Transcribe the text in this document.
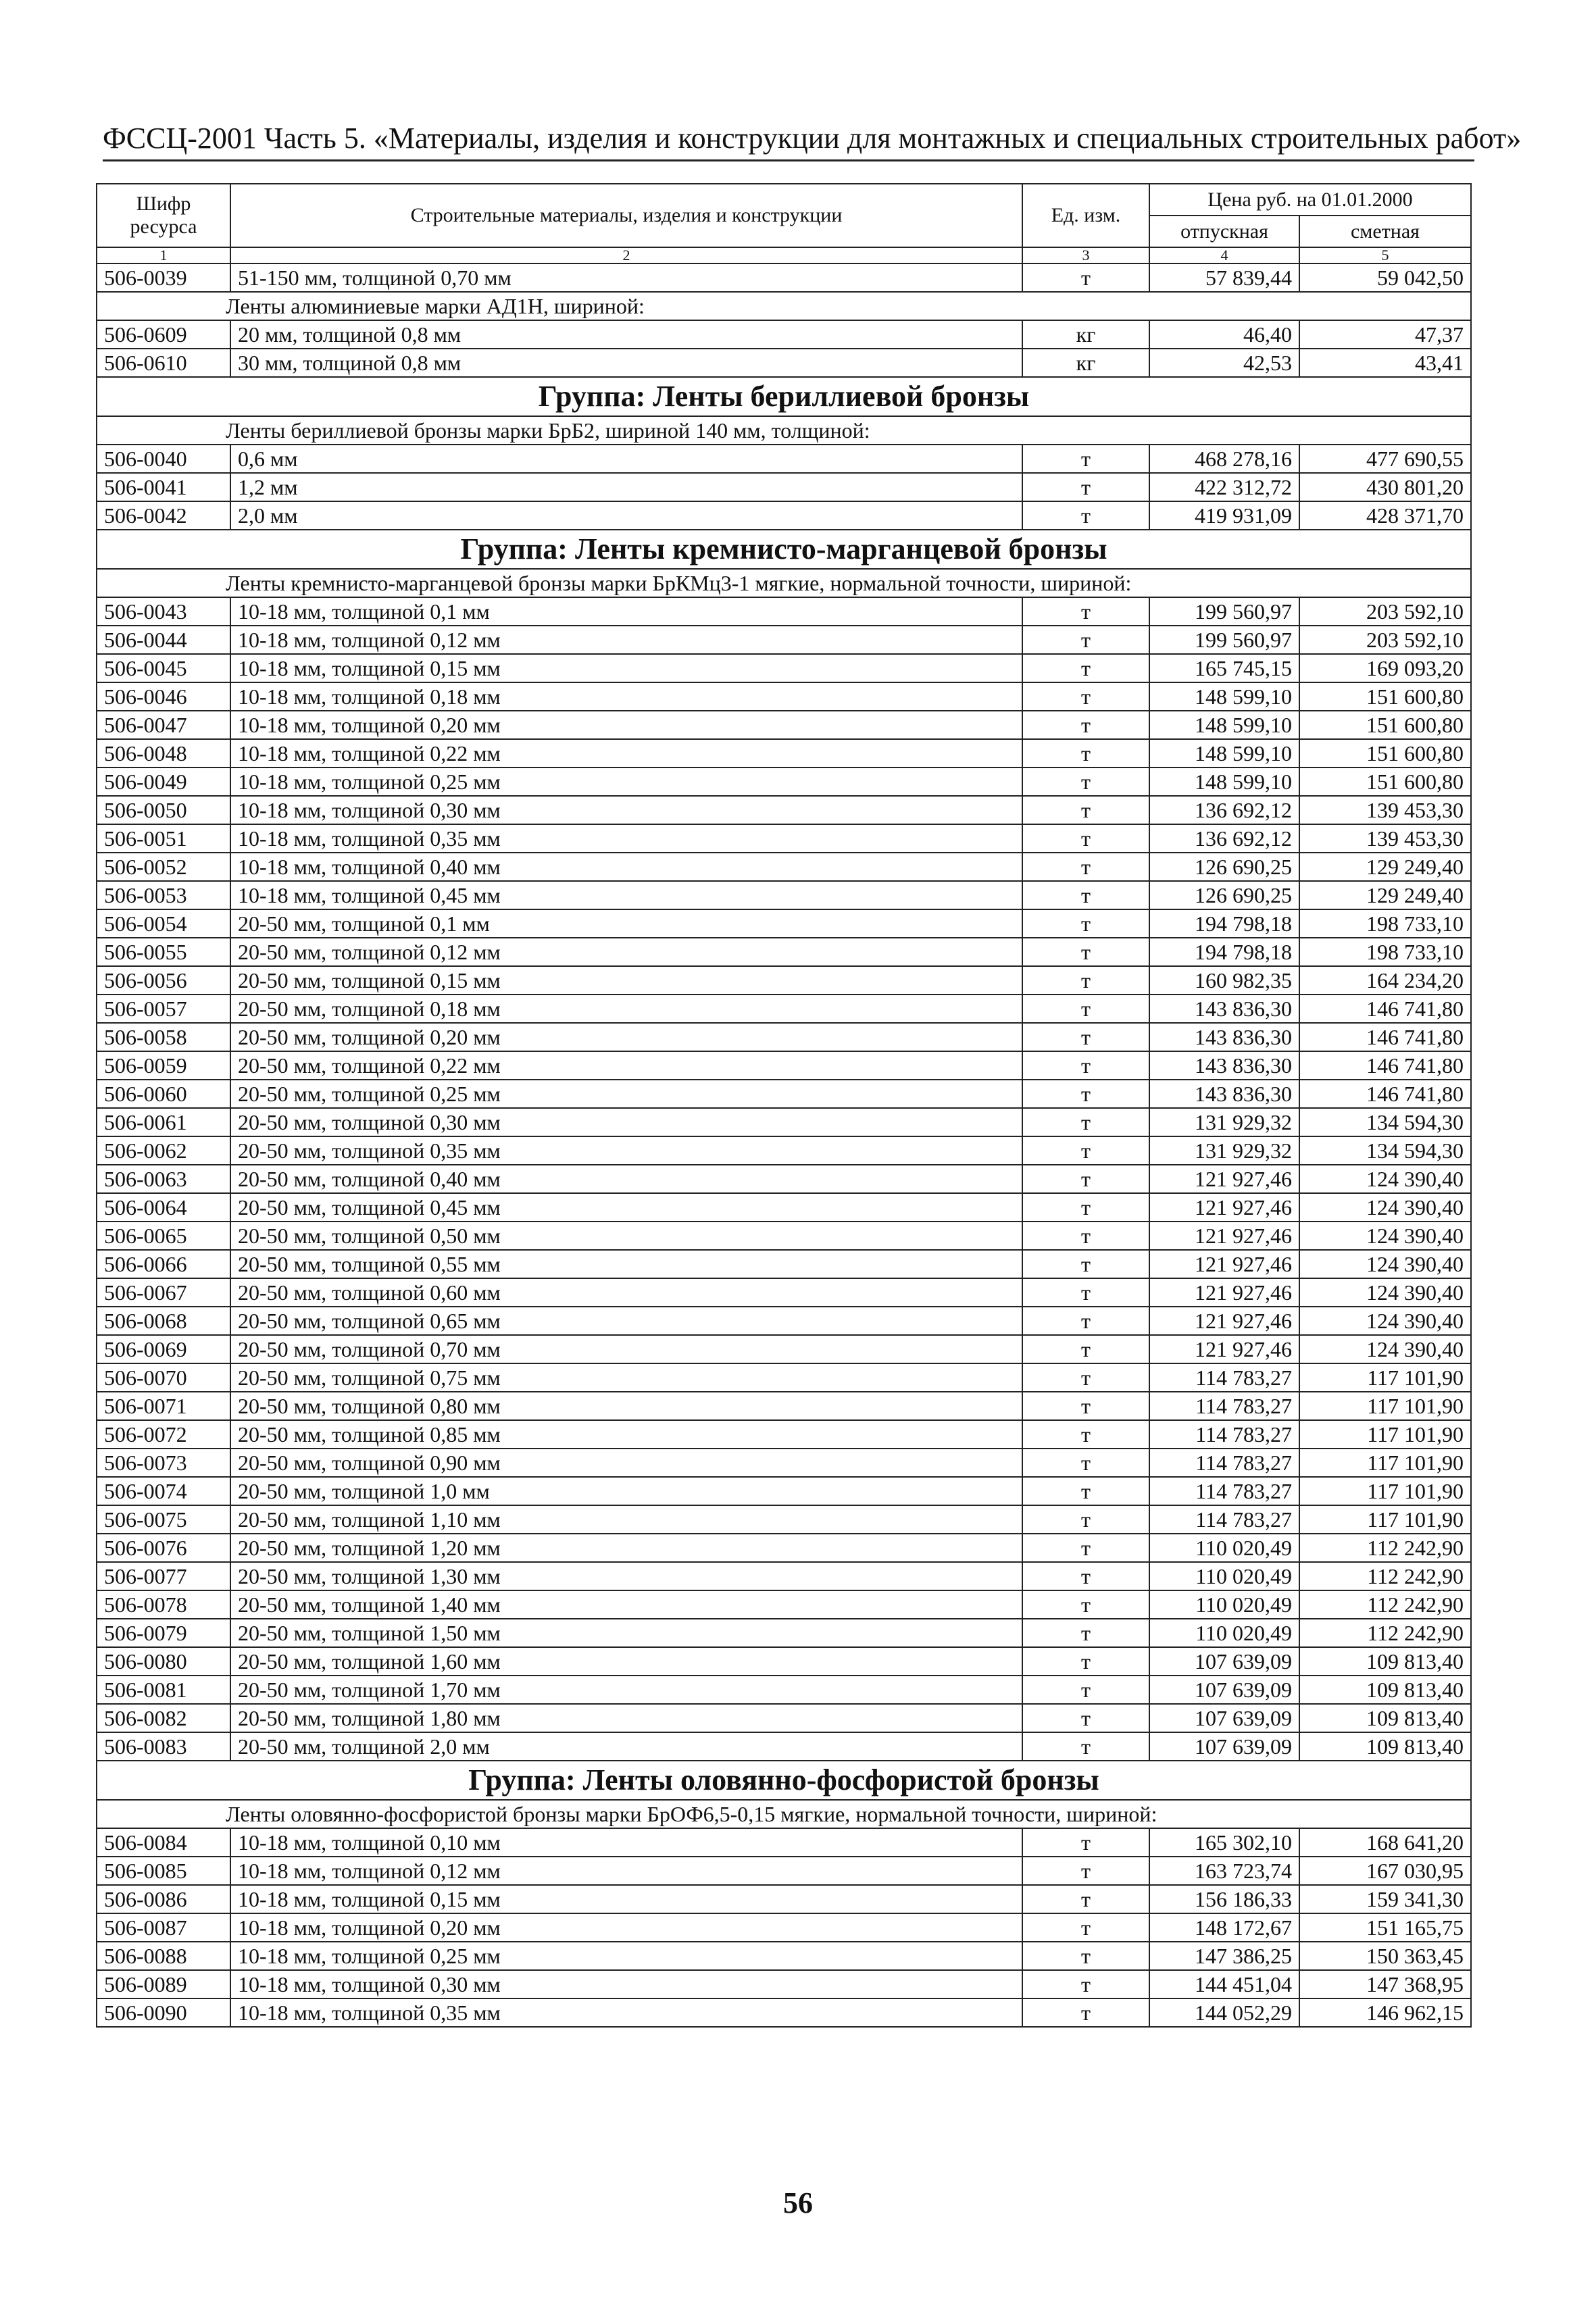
ФССЦ-2001 Часть 5. «Материалы, изделия и конструкции для монтажных и специальных строительных работ»
Шифр ресурса	Строительные материалы, изделия и конструкции	Ед. изм.	Цена руб. на 01.01.2000	
			отпускная	сметная
1	2	3	4	5
506-0039	51-150 мм, толщиной 0,70 мм	т	57 839,44	59 042,50
Ленты алюминиевые марки АД1Н, шириной:				
506-0609	20 мм, толщиной 0,8 мм	кг	46,40	47,37
506-0610	30 мм, толщиной 0,8 мм	кг	42,53	43,41
Группа: Ленты бериллиевой бронзы				
Ленты бериллиевой бронзы марки БрБ2, шириной 140 мм, толщиной:				
506-0040	0,6 мм	т	468 278,16	477 690,55
506-0041	1,2 мм	т	422 312,72	430 801,20
506-0042	2,0 мм	т	419 931,09	428 371,70
Группа: Ленты кремнисто-марганцевой бронзы				
Ленты кремнисто-марганцевой бронзы марки БрКМц3-1 мягкие, нормальной точности, шириной:				
506-0043	10-18 мм, толщиной 0,1 мм	т	199 560,97	203 592,10
506-0044	10-18 мм, толщиной 0,12 мм	т	199 560,97	203 592,10
506-0045	10-18 мм, толщиной 0,15 мм	т	165 745,15	169 093,20
506-0046	10-18 мм, толщиной 0,18 мм	т	148 599,10	151 600,80
506-0047	10-18 мм, толщиной 0,20 мм	т	148 599,10	151 600,80
506-0048	10-18 мм, толщиной 0,22 мм	т	148 599,10	151 600,80
506-0049	10-18 мм, толщиной 0,25 мм	т	148 599,10	151 600,80
506-0050	10-18 мм, толщиной 0,30 мм	т	136 692,12	139 453,30
506-0051	10-18 мм, толщиной 0,35 мм	т	136 692,12	139 453,30
506-0052	10-18 мм, толщиной 0,40 мм	т	126 690,25	129 249,40
506-0053	10-18 мм, толщиной 0,45 мм	т	126 690,25	129 249,40
506-0054	20-50 мм, толщиной 0,1 мм	т	194 798,18	198 733,10
506-0055	20-50 мм, толщиной 0,12 мм	т	194 798,18	198 733,10
506-0056	20-50 мм, толщиной 0,15 мм	т	160 982,35	164 234,20
506-0057	20-50 мм, толщиной 0,18 мм	т	143 836,30	146 741,80
506-0058	20-50 мм, толщиной 0,20 мм	т	143 836,30	146 741,80
506-0059	20-50 мм, толщиной 0,22 мм	т	143 836,30	146 741,80
506-0060	20-50 мм, толщиной 0,25 мм	т	143 836,30	146 741,80
506-0061	20-50 мм, толщиной 0,30 мм	т	131 929,32	134 594,30
506-0062	20-50 мм, толщиной 0,35 мм	т	131 929,32	134 594,30
506-0063	20-50 мм, толщиной 0,40 мм	т	121 927,46	124 390,40
506-0064	20-50 мм, толщиной 0,45 мм	т	121 927,46	124 390,40
506-0065	20-50 мм, толщиной 0,50 мм	т	121 927,46	124 390,40
506-0066	20-50 мм, толщиной 0,55 мм	т	121 927,46	124 390,40
506-0067	20-50 мм, толщиной 0,60 мм	т	121 927,46	124 390,40
506-0068	20-50 мм, толщиной 0,65 мм	т	121 927,46	124 390,40
506-0069	20-50 мм, толщиной 0,70 мм	т	121 927,46	124 390,40
506-0070	20-50 мм, толщиной 0,75 мм	т	114 783,27	117 101,90
506-0071	20-50 мм, толщиной 0,80 мм	т	114 783,27	117 101,90
506-0072	20-50 мм, толщиной 0,85 мм	т	114 783,27	117 101,90
506-0073	20-50 мм, толщиной 0,90 мм	т	114 783,27	117 101,90
506-0074	20-50 мм, толщиной 1,0 мм	т	114 783,27	117 101,90
506-0075	20-50 мм, толщиной 1,10 мм	т	114 783,27	117 101,90
506-0076	20-50 мм, толщиной 1,20 мм	т	110 020,49	112 242,90
506-0077	20-50 мм, толщиной 1,30 мм	т	110 020,49	112 242,90
506-0078	20-50 мм, толщиной 1,40 мм	т	110 020,49	112 242,90
506-0079	20-50 мм, толщиной 1,50 мм	т	110 020,49	112 242,90
506-0080	20-50 мм, толщиной 1,60 мм	т	107 639,09	109 813,40
506-0081	20-50 мм, толщиной 1,70 мм	т	107 639,09	109 813,40
506-0082	20-50 мм, толщиной 1,80 мм	т	107 639,09	109 813,40
506-0083	20-50 мм, толщиной 2,0 мм	т	107 639,09	109 813,40
Группа: Ленты оловянно-фосфористой бронзы				
Ленты оловянно-фосфористой бронзы марки БрОФ6,5-0,15 мягкие, нормальной точности, шириной:				
506-0084	10-18 мм, толщиной 0,10 мм	т	165 302,10	168 641,20
506-0085	10-18 мм, толщиной 0,12 мм	т	163 723,74	167 030,95
506-0086	10-18 мм, толщиной 0,15 мм	т	156 186,33	159 341,30
506-0087	10-18 мм, толщиной 0,20 мм	т	148 172,67	151 165,75
506-0088	10-18 мм, толщиной 0,25 мм	т	147 386,25	150 363,45
506-0089	10-18 мм, толщиной 0,30 мм	т	144 451,04	147 368,95
506-0090	10-18 мм, толщиной 0,35 мм	т	144 052,29	146 962,15
56
